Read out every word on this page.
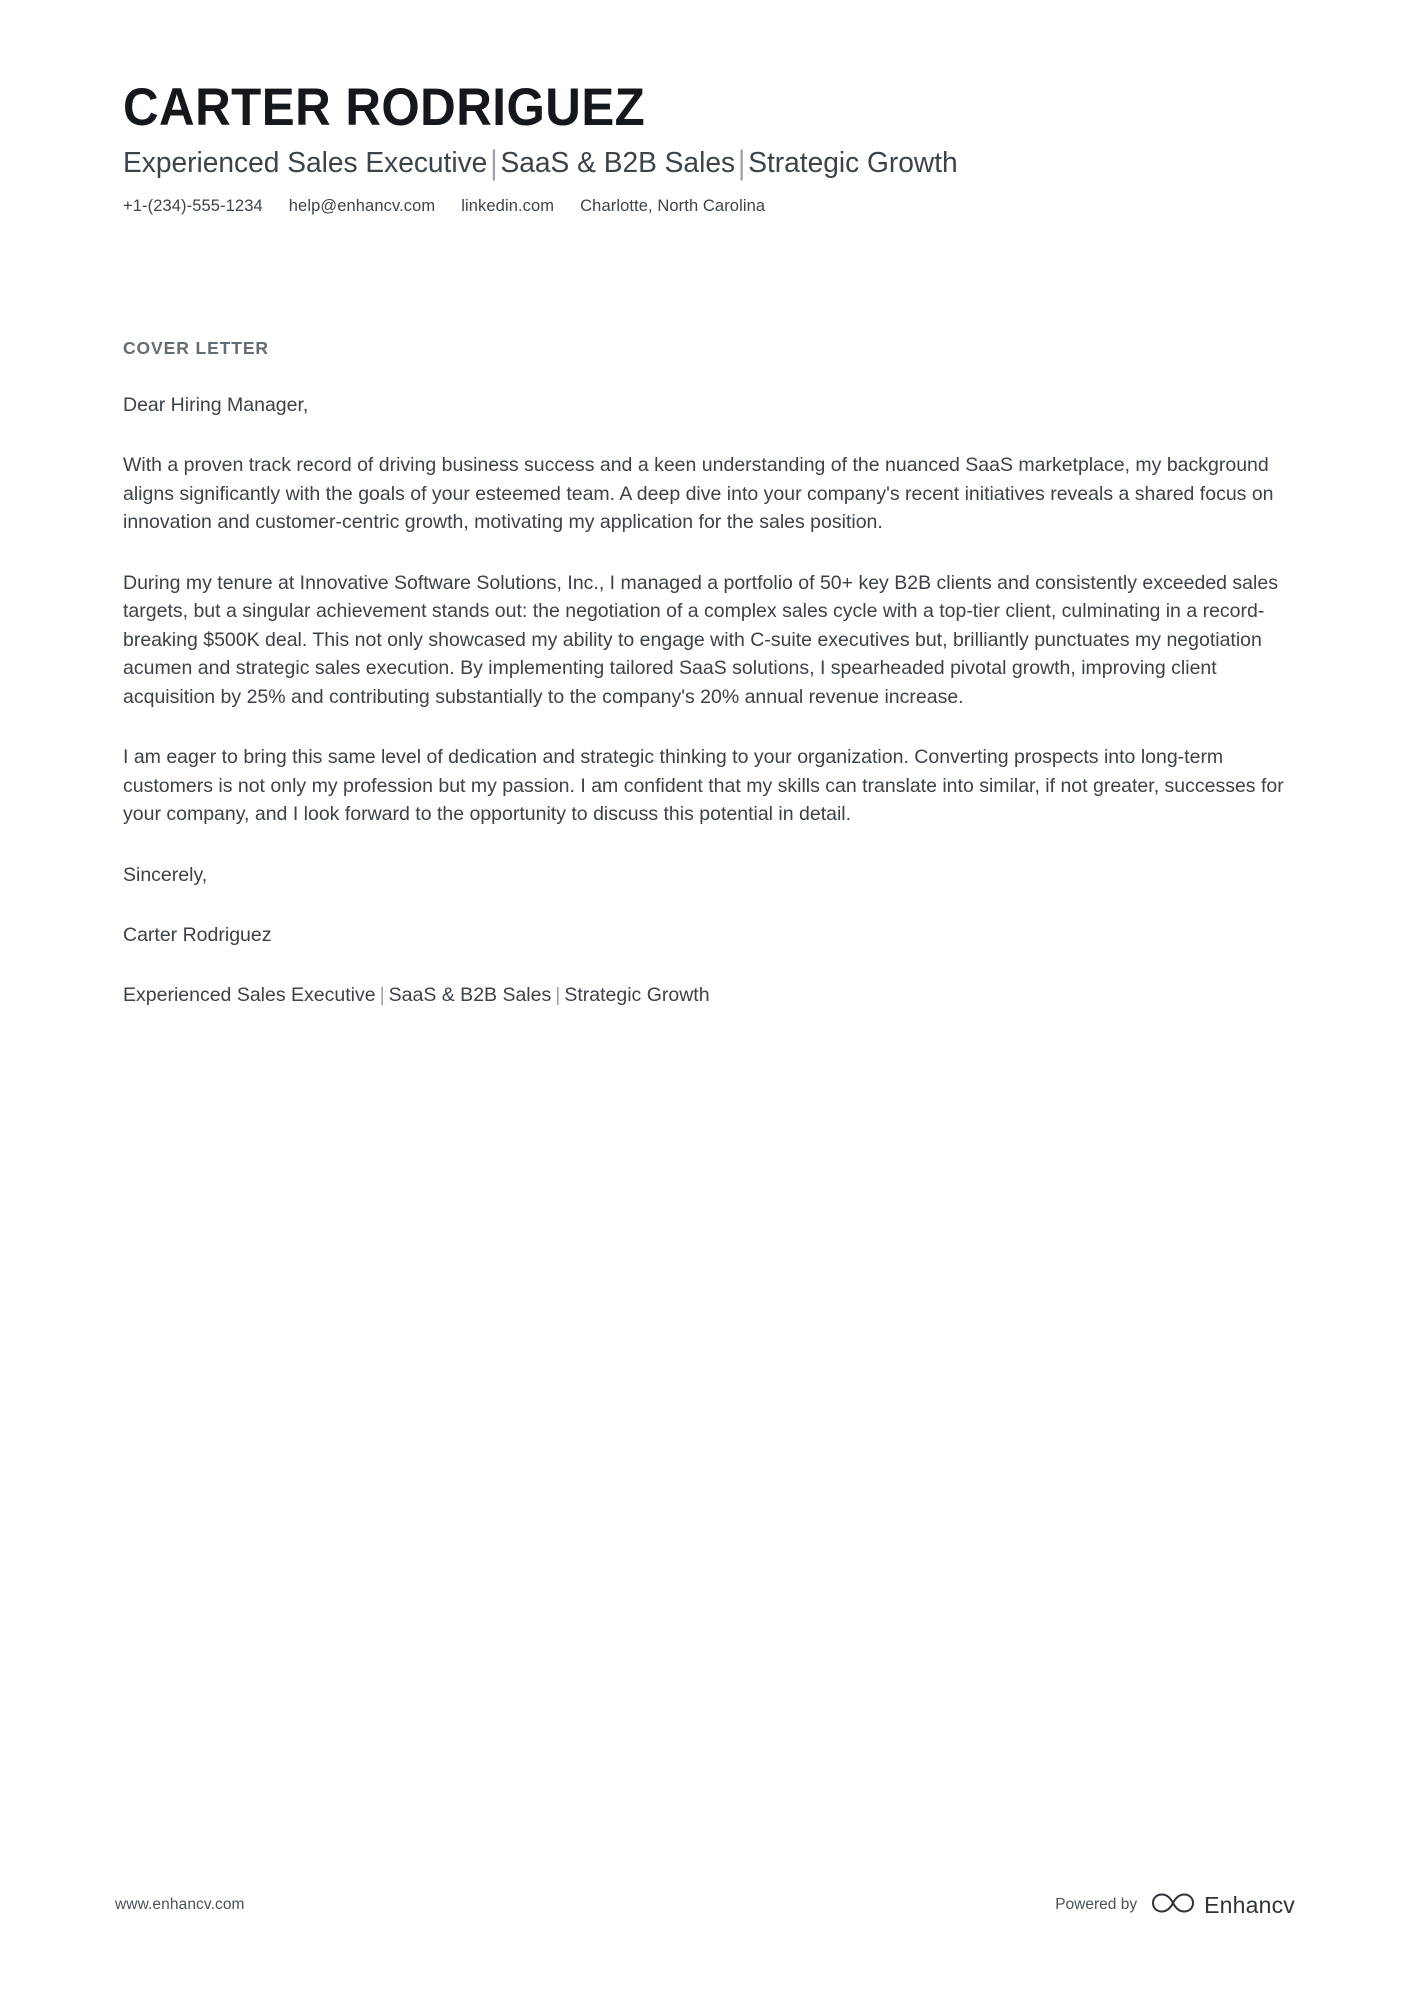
CARTER RODRIGUEZ
Experienced Sales Executive | SaaS & B2B Sales | Strategic Growth
+1-(234)-555-1234 help@enhancv.com linkedin.com Charlotte, North Carolina
COVER LETTER

Dear Hiring Manager,

With a proven track record of driving business success and a keen understanding of the nuanced SaaS marketplace, my background aligns significantly with the goals of your esteemed team. A deep dive into your company's recent initiatives reveals a shared focus on innovation and customer-centric growth, motivating my application for the sales position.

During my tenure at Innovative Software Solutions, Inc., I managed a portfolio of 50+ key B2B clients and consistently exceeded sales targets, but a singular achievement stands out: the negotiation of a complex sales cycle with a top-tier client, culminating in a record-breaking $500K deal. This not only showcased my ability to engage with C-suite executives but, brilliantly punctuates my negotiation acumen and strategic sales execution. By implementing tailored SaaS solutions, I spearheaded pivotal growth, improving client acquisition by 25% and contributing substantially to the company's 20% annual revenue increase.

I am eager to bring this same level of dedication and strategic thinking to your organization. Converting prospects into long-term customers is not only my profession but my passion. I am confident that my skills can translate into similar, if not greater, successes for your company, and I look forward to the opportunity to discuss this potential in detail.

Sincerely,

Carter Rodriguez

Experienced Sales Executive | SaaS & B2B Sales | Strategic Growth

www.enhancv.com	Powered by	Enhancv
